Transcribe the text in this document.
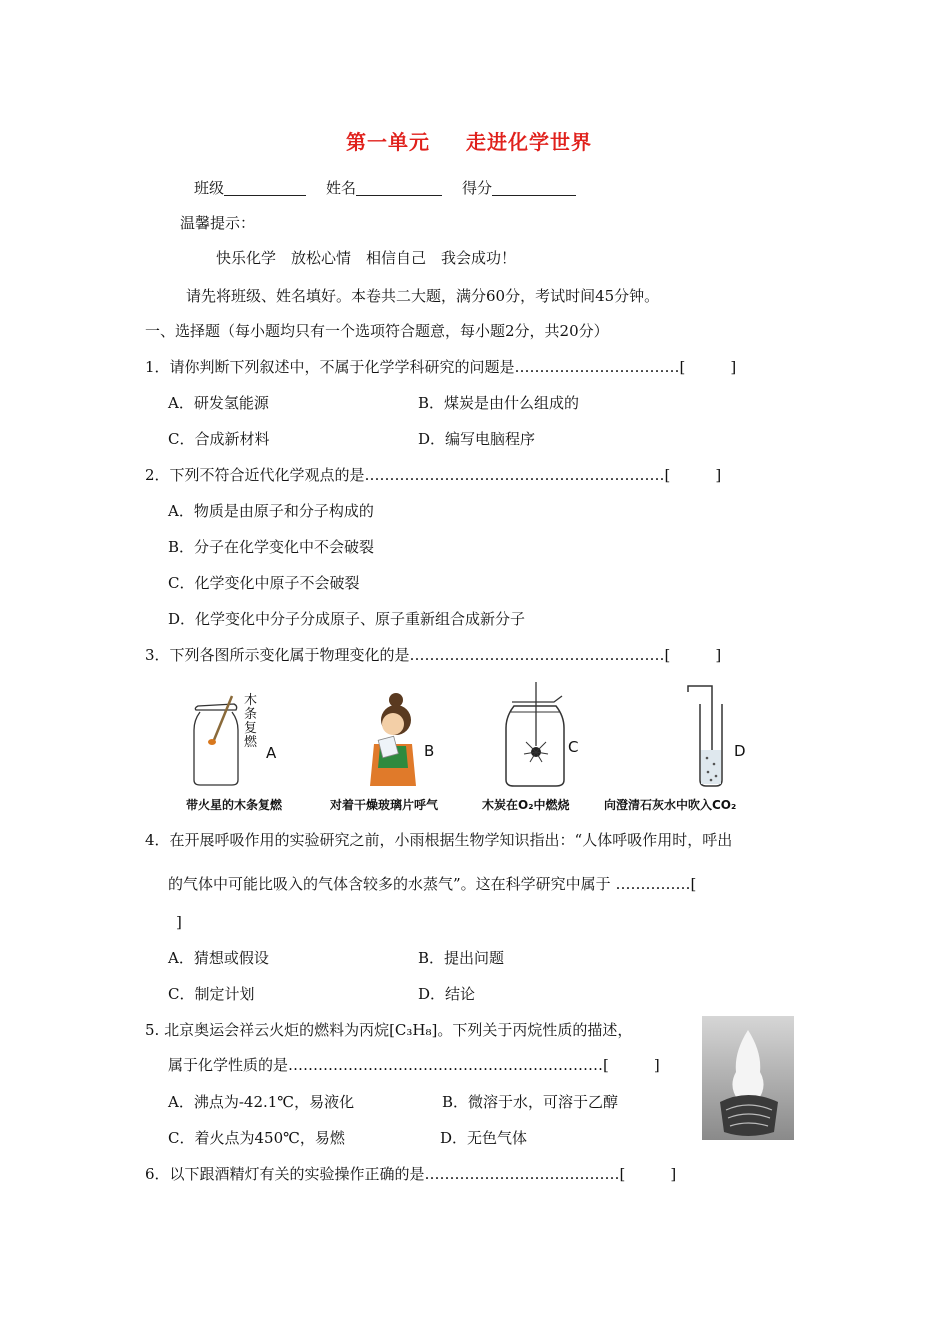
第一单元 走进化学世界
班级	姓名	得分
温馨提示：
快乐化学　放松心情　相信自己　我会成功！
请先将班级、姓名填好。本卷共二大题，满分60分，考试时间45分钟。
一、选择题（每小题均只有一个选项符合题意，每小题2分，共20分）
1．请你判断下列叙述中，不属于化学学科研究的问题是……………………………[　　　]
A．研发氢能源	B．煤炭是由什么组成的
C．合成新材料	D．编写电脑程序
2．下列不符合近代化学观点的是……………………………………………………[　　　]
A．物质是由原子和分子构成的
B．分子在化学变化中不会破裂
C．化学变化中原子不会破裂
D．化学变化中分子分成原子、原子重新组合成新分子
3．下列各图所示变化属于物理变化的是……………………………………………[　　　]
木条复燃
A
带火星的木条复燃
B
对着干燥玻璃片呼气
C
木炭在O₂中燃烧
D
向澄清石灰水中吹入CO₂
4．在开展呼吸作用的实验研究之前，小雨根据生物学知识指出：“人体呼吸作用时，呼出
的气体中可能比吸入的气体含较多的水蒸气”。这在科学研究中属于 ……………[
]
A．猜想或假设	B．提出问题
C．制定计划	D．结论
5. 北京奥运会祥云火炬的燃料为丙烷[C₃H₈]。下列关于丙烷性质的描述，
属于化学性质的是………………………………………………………[　　　]
A．沸点为-42.1℃，易液化	B．微溶于水，可溶于乙醇
C．着火点为450℃，易燃	D．无色气体
6．以下跟酒精灯有关的实验操作正确的是…………………………………[　　　]
